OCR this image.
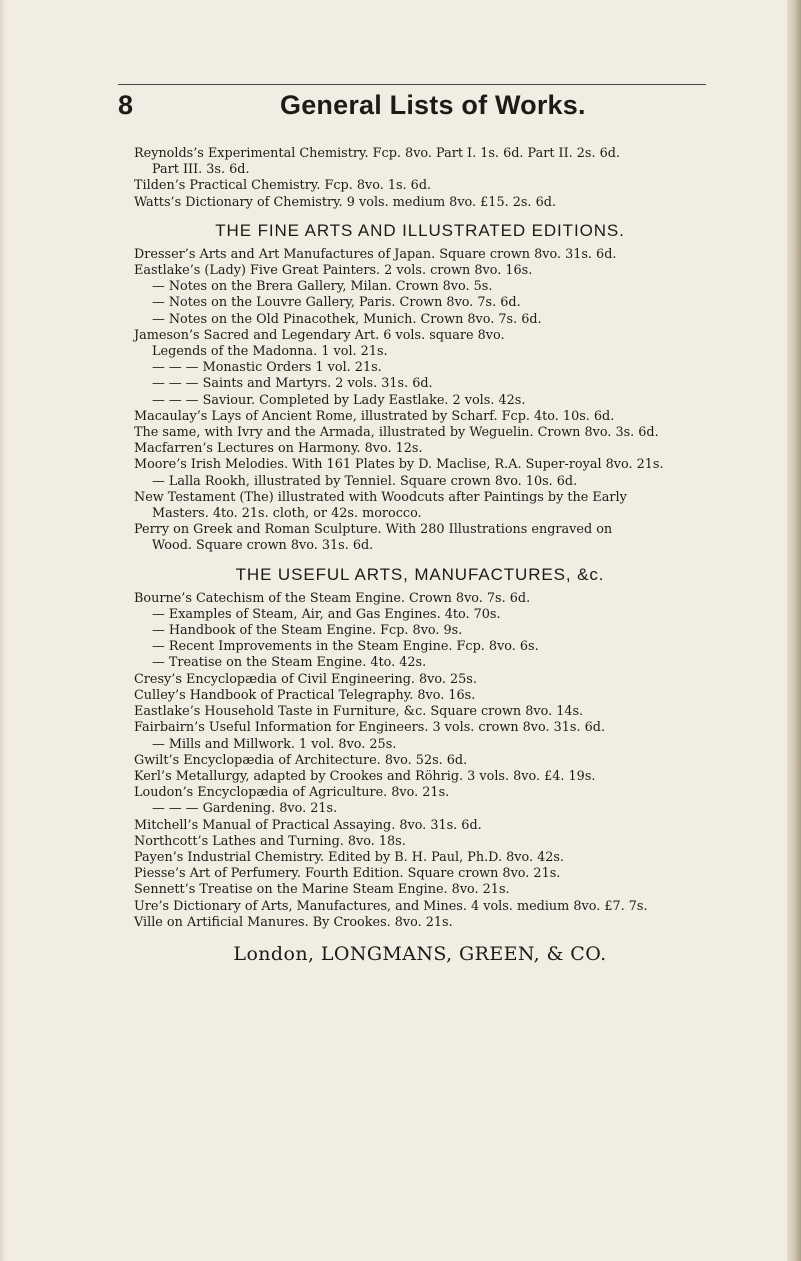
8	General Lists of Works.
Reynolds’s Experimental Chemistry. Fcp. 8vo. Part I. 1s. 6d. Part II. 2s. 6d.
Part III. 3s. 6d.
Tilden’s Practical Chemistry. Fcp. 8vo. 1s. 6d.
Watts’s Dictionary of Chemistry. 9 vols. medium 8vo. £15. 2s. 6d.
THE FINE ARTS AND ILLUSTRATED EDITIONS.
Dresser’s Arts and Art Manufactures of Japan. Square crown 8vo. 31s. 6d.
Eastlake’s (Lady) Five Great Painters. 2 vols. crown 8vo. 16s.
— Notes on the Brera Gallery, Milan. Crown 8vo. 5s.
— Notes on the Louvre Gallery, Paris. Crown 8vo. 7s. 6d.
— Notes on the Old Pinacothek, Munich. Crown 8vo. 7s. 6d.
Jameson’s Sacred and Legendary Art. 6 vols. square 8vo.
Legends of the Madonna. 1 vol. 21s.
— — — Monastic Orders 1 vol. 21s.
— — — Saints and Martyrs. 2 vols. 31s. 6d.
— — — Saviour. Completed by Lady Eastlake. 2 vols. 42s.
Macaulay’s Lays of Ancient Rome, illustrated by Scharf. Fcp. 4to. 10s. 6d.
The same, with Ivry and the Armada, illustrated by Weguelin. Crown 8vo. 3s. 6d.
Macfarren’s Lectures on Harmony. 8vo. 12s.
Moore’s Irish Melodies. With 161 Plates by D. Maclise, R.A. Super-royal 8vo. 21s.
— Lalla Rookh, illustrated by Tenniel. Square crown 8vo. 10s. 6d.
New Testament (The) illustrated with Woodcuts after Paintings by the Early
Masters. 4to. 21s. cloth, or 42s. morocco.
Perry on Greek and Roman Sculpture. With 280 Illustrations engraved on
Wood. Square crown 8vo. 31s. 6d.
THE USEFUL ARTS, MANUFACTURES, &c.
Bourne’s Catechism of the Steam Engine. Crown 8vo. 7s. 6d.
— Examples of Steam, Air, and Gas Engines. 4to. 70s.
— Handbook of the Steam Engine. Fcp. 8vo. 9s.
— Recent Improvements in the Steam Engine. Fcp. 8vo. 6s.
— Treatise on the Steam Engine. 4to. 42s.
Cresy’s Encyclopædia of Civil Engineering. 8vo. 25s.
Culley’s Handbook of Practical Telegraphy. 8vo. 16s.
Eastlake’s Household Taste in Furniture, &c. Square crown 8vo. 14s.
Fairbairn’s Useful Information for Engineers. 3 vols. crown 8vo. 31s. 6d.
— Mills and Millwork. 1 vol. 8vo. 25s.
Gwilt’s Encyclopædia of Architecture. 8vo. 52s. 6d.
Kerl’s Metallurgy, adapted by Crookes and Röhrig. 3 vols. 8vo. £4. 19s.
Loudon’s Encyclopædia of Agriculture. 8vo. 21s.
— — — Gardening. 8vo. 21s.
Mitchell’s Manual of Practical Assaying. 8vo. 31s. 6d.
Northcott’s Lathes and Turning. 8vo. 18s.
Payen’s Industrial Chemistry. Edited by B. H. Paul, Ph.D. 8vo. 42s.
Piesse’s Art of Perfumery. Fourth Edition. Square crown 8vo. 21s.
Sennett’s Treatise on the Marine Steam Engine. 8vo. 21s.
Ure’s Dictionary of Arts, Manufactures, and Mines. 4 vols. medium 8vo. £7. 7s.
Ville on Artificial Manures. By Crookes. 8vo. 21s.
London, LONGMANS, GREEN, & CO.
